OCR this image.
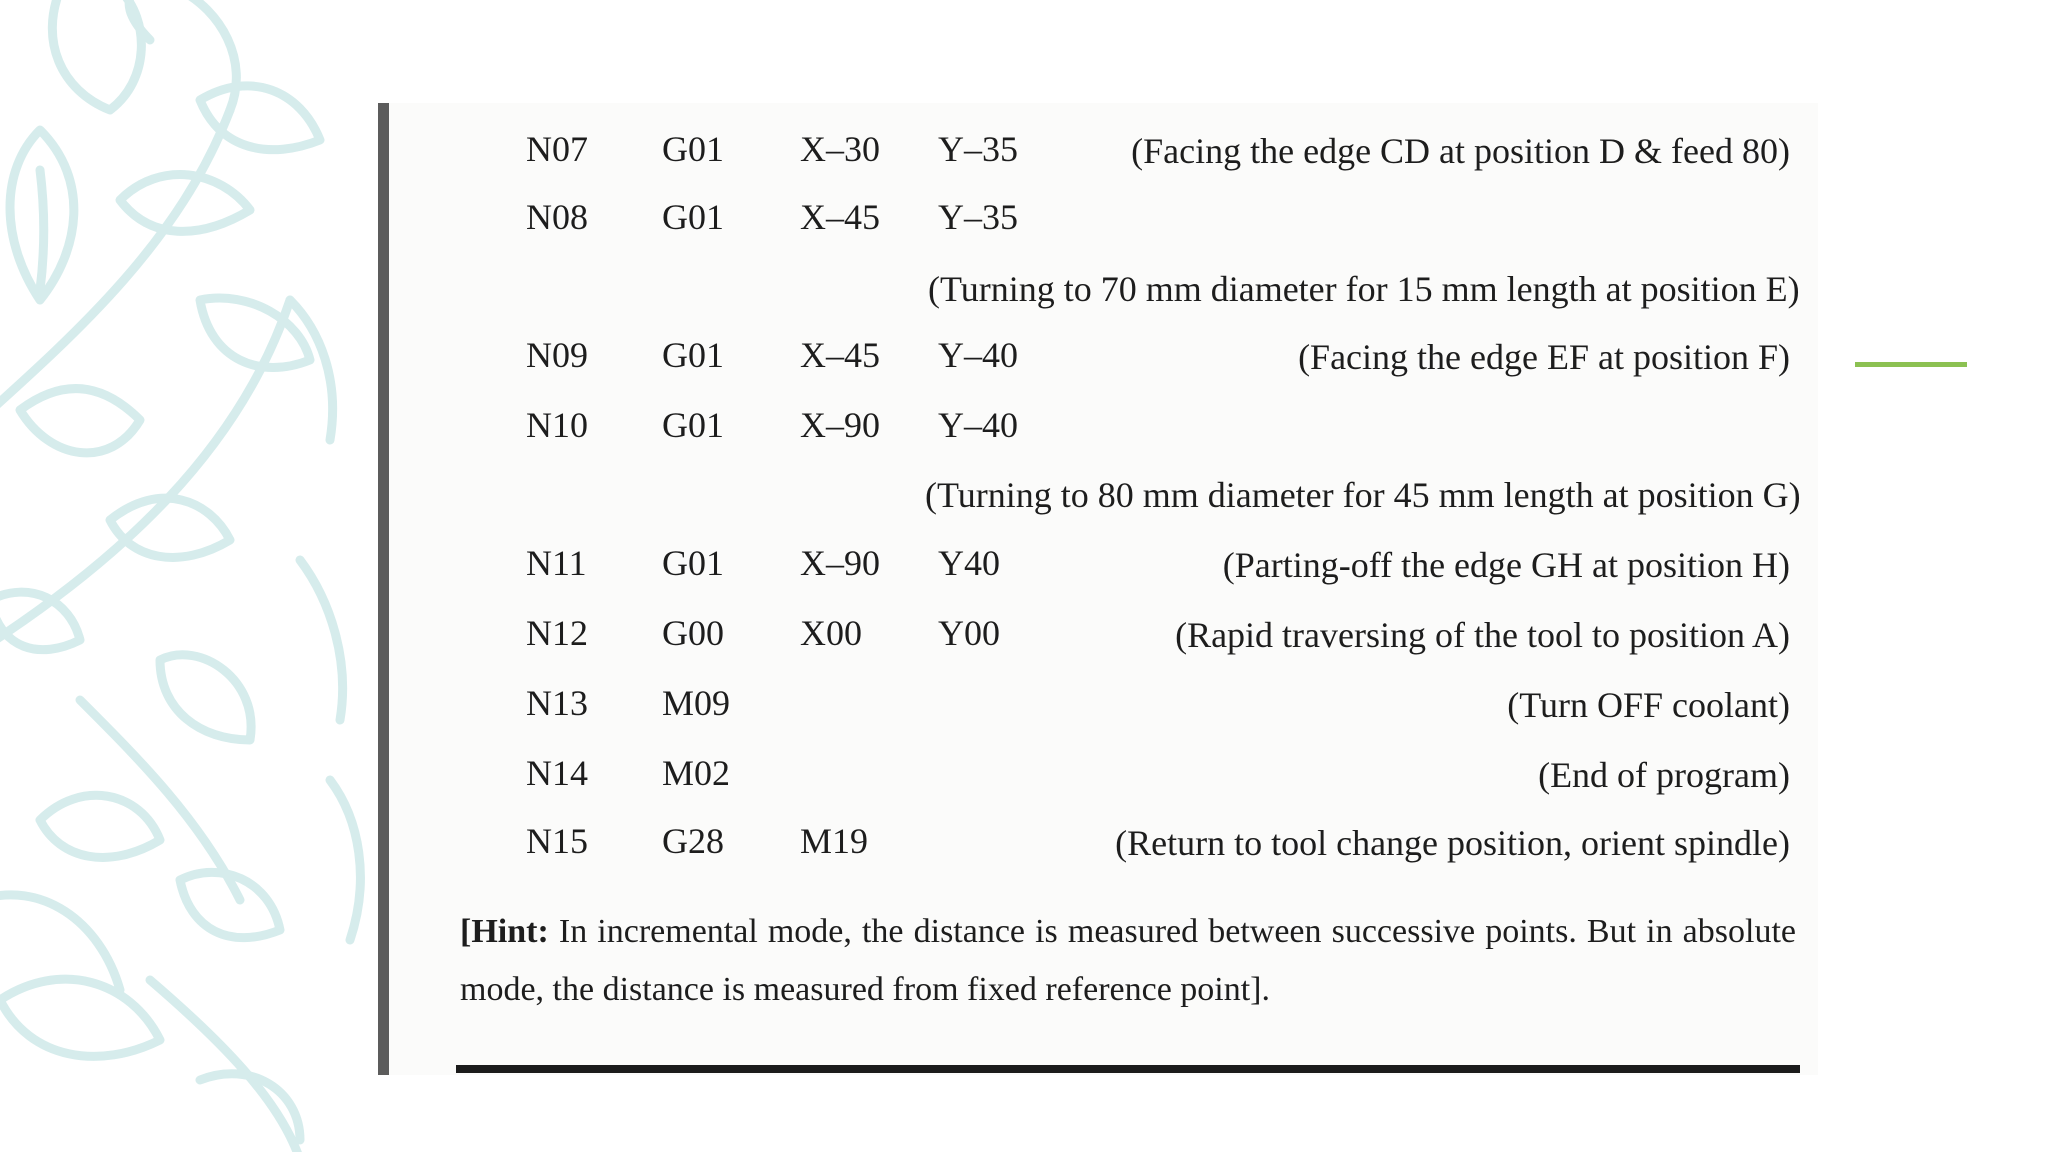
N07 G01 X–30 Y–35	(Facing the edge CD at position D & feed 80)
N08 G01 X–45 Y–35
(Turning to 70 mm diameter for 15 mm length at position E)
N09 G01 X–45 Y–40	(Facing the edge EF at position F)
N10 G01 X–90 Y–40
(Turning to 80 mm diameter for 45 mm length at position G)
N11 G01 X–90 Y40	(Parting-off the edge GH at position H)
N12 G00 X00 Y00	(Rapid traversing of the tool to position A)
N13 M09	(Turn OFF coolant)
N14 M02	(End of program)
N15 G28 M19	(Return to tool change position, orient spindle)
[Hint: In incremental mode, the distance is measured between successive points. But in absolute mode, the distance is measured from fixed reference point].
